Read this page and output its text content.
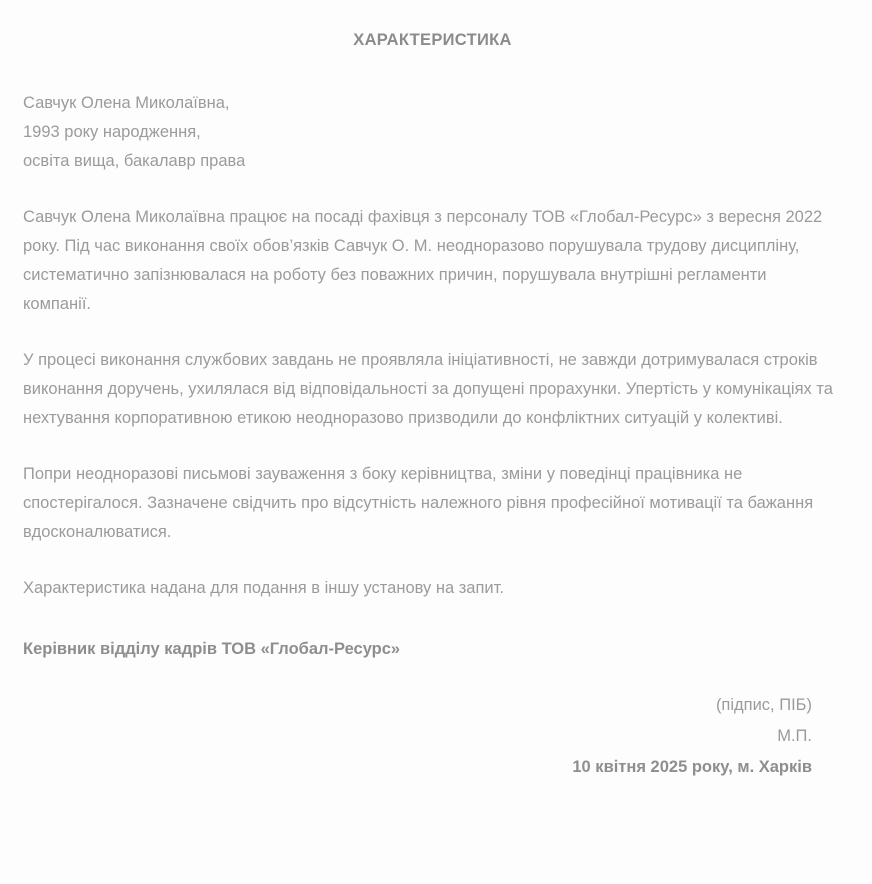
ХАРАКТЕРИСТИКА
Савчук Олена Миколаївна,
1993 року народження,
освіта вища, бакалавр права

Савчук Олена Миколаївна працює на посаді фахівця з персоналу ТОВ «Глобал-Ресурс» з вересня 2022 року. Під час виконання своїх обов’язків Савчук О. М. неодноразово порушувала трудову дисципліну, систематично запізнювалася на роботу без поважних причин, порушувала внутрішні регламенти компанії.

У процесі виконання службових завдань не проявляла ініціативності, не завжди дотримувалася строків виконання доручень, ухилялася від відповідальності за допущені прорахунки. Упертість у комунікаціях та нехтування корпоративною етикою неодноразово призводили до конфліктних ситуацій у колективі.

Попри неодноразові письмові зауваження з боку керівництва, зміни у поведінці працівника не спостерігалося. Зазначене свідчить про відсутність належного рівня професійної мотивації та бажання вдосконалюватися.

Характеристика надана для подання в іншу установу на запит.

Керівник відділу кадрів ТОВ «Глобал-Ресурс»
(підпис, ПІБ)
М.П.
10 квітня 2025 року, м. Харків
